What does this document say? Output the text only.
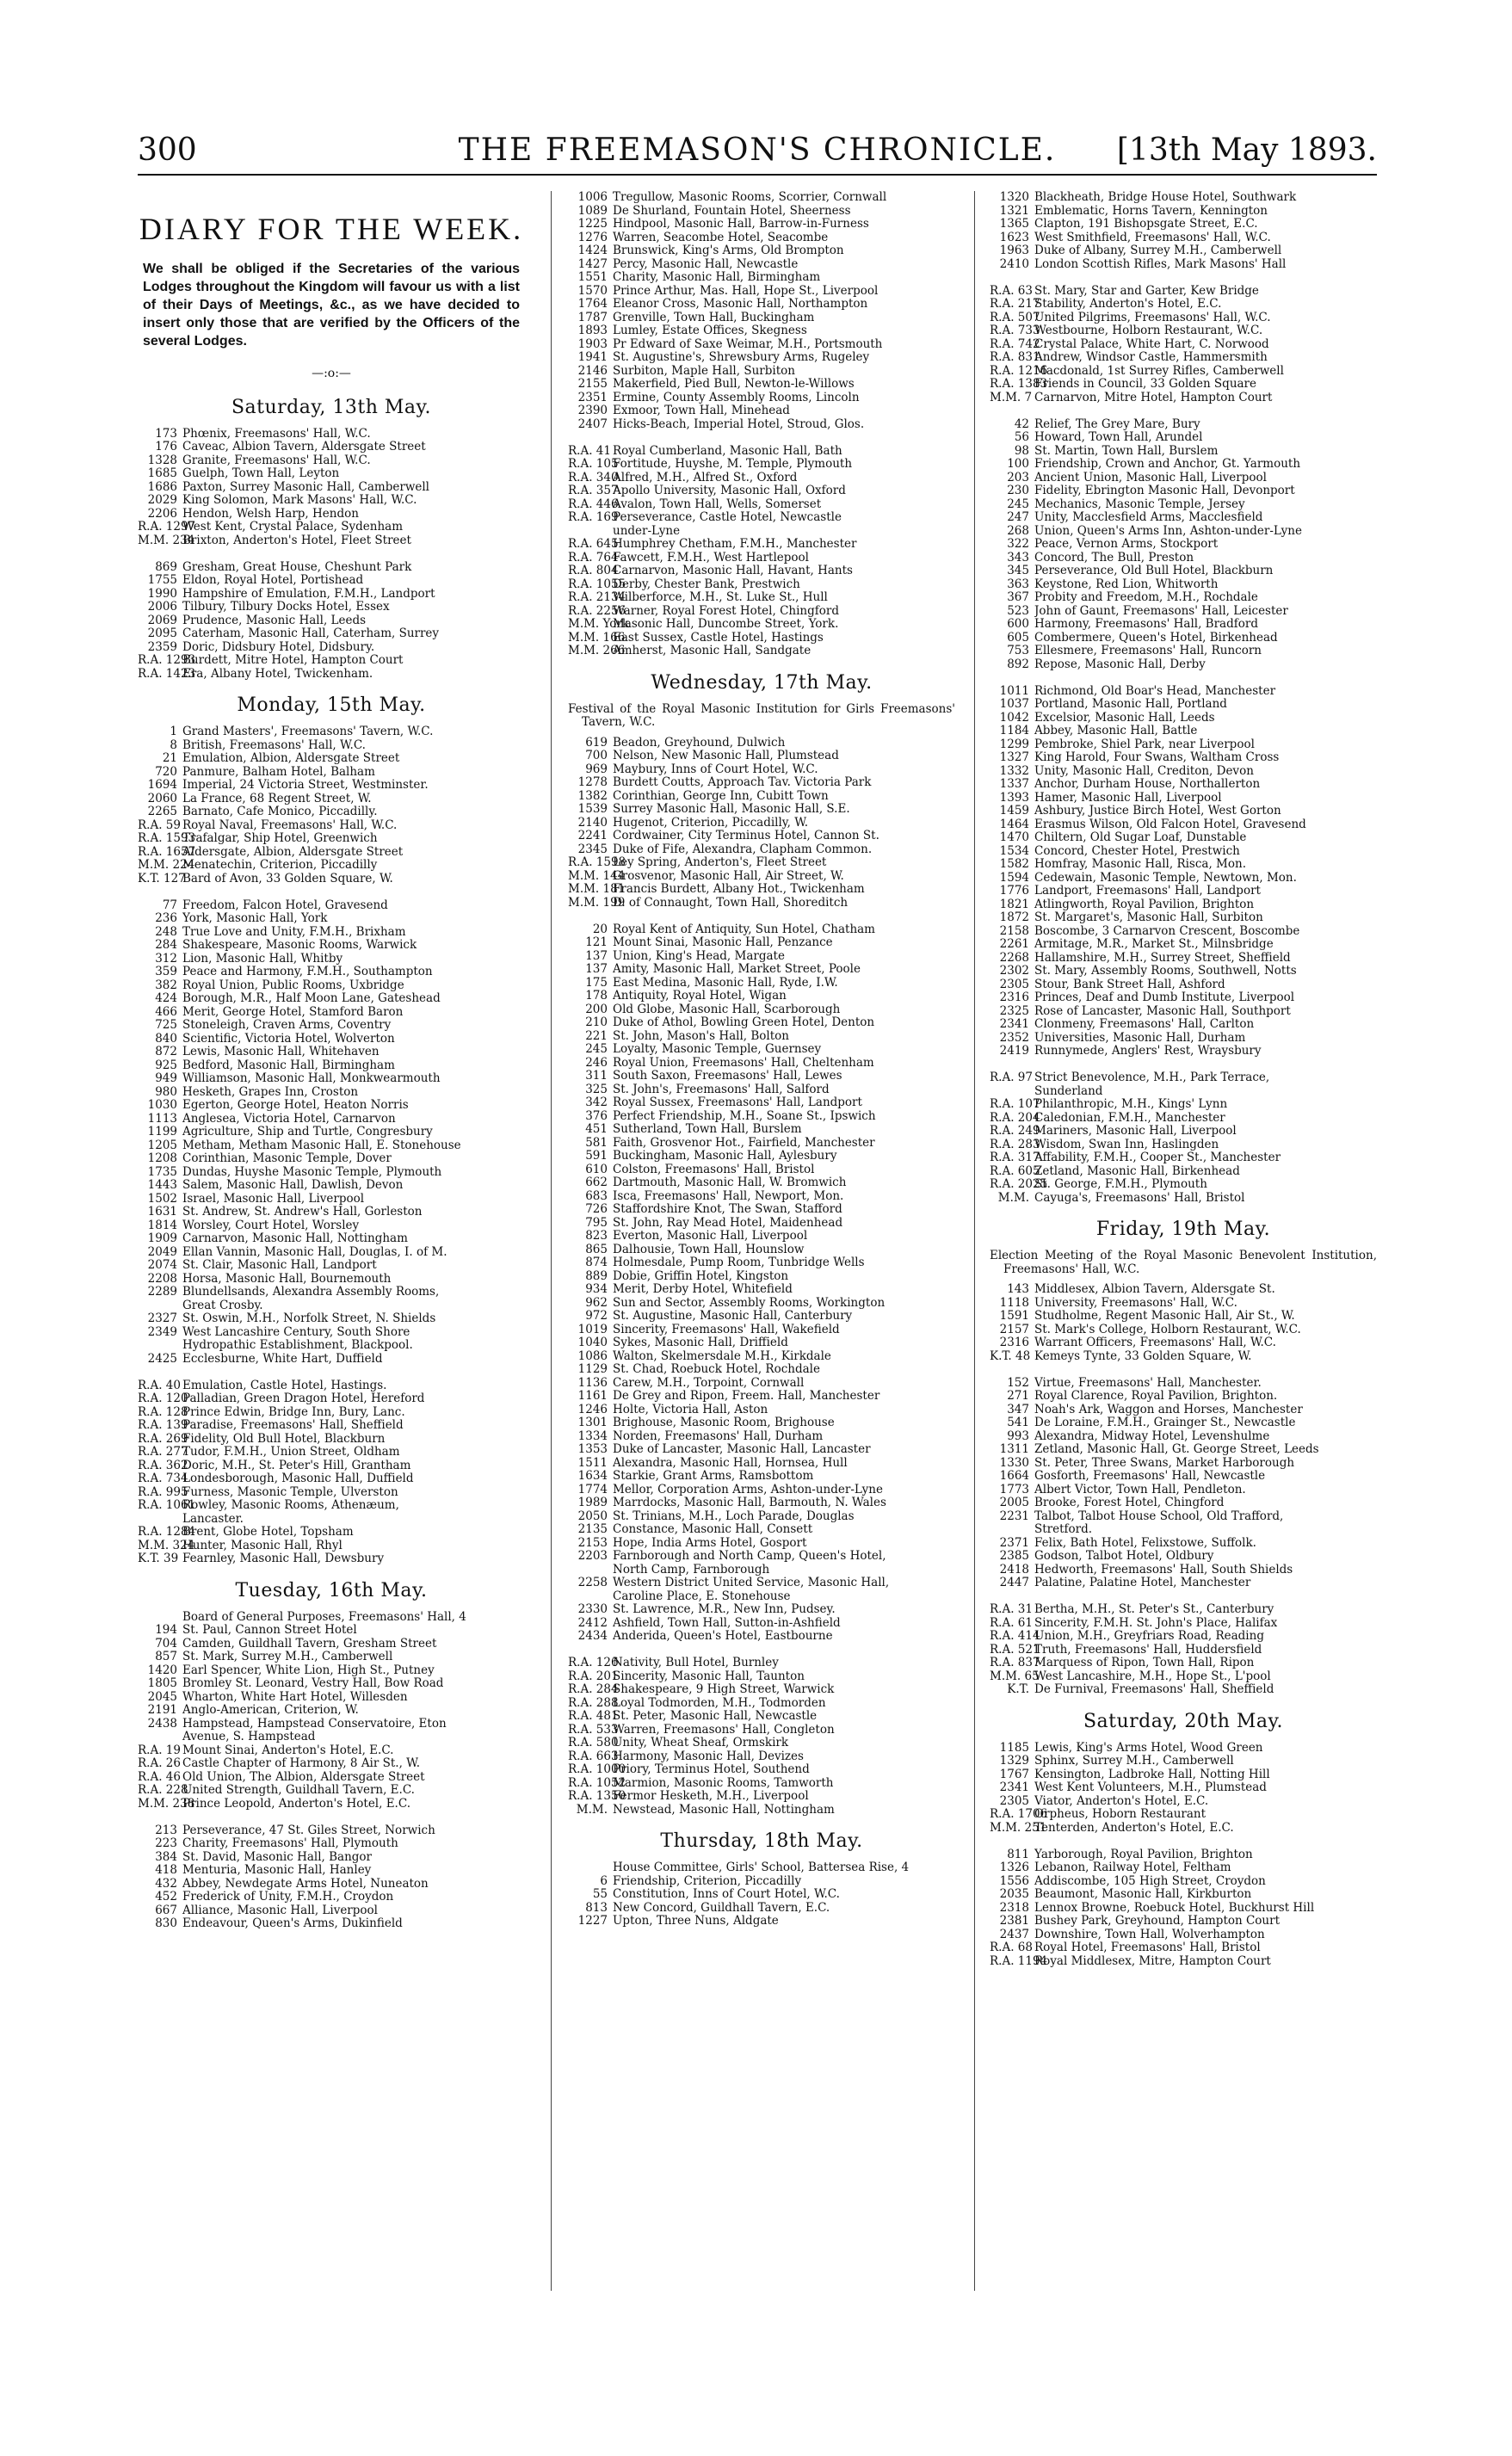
300	THE FREEMASON'S CHRONICLE.	[13th May 1893.
DIARY FOR THE WEEK.
We shall be obliged if the Secretaries of the various Lodges throughout the Kingdom will favour us with a list of their Days of Meetings, &c., as we have decided to insert only those that are verified by the Officers of the several Lodges.
—:o:—
Saturday, 13th May.
173 Phœnix, Freemasons' Hall, W.C.
176 Caveac, Albion Tavern, Aldersgate Street
1328 Granite, Freemasons' Hall, W.C.
1685 Guelph, Town Hall, Leyton
1686 Paxton, Surrey Masonic Hall, Camberwell
2029 King Solomon, Mark Masons' Hall, W.C.
2206 Hendon, Welsh Harp, Hendon
R.A. 1297
West Kent, Crystal Palace, Sydenham
M.M. 234
Brixton, Anderton's Hotel, Fleet Street
869 Gresham, Great House, Cheshunt Park
1755 Eldon, Royal Hotel, Portishead
1990 Hampshire of Emulation, F.M.H., Landport
2006 Tilbury, Tilbury Docks Hotel, Essex
2069 Prudence, Masonic Hall, Leeds
2095 Caterham, Masonic Hall, Caterham, Surrey
2359 Doric, Didsbury Hotel, Didsbury.
R.A. 1293
Burdett, Mitre Hotel, Hampton Court
R.A. 1423
Era, Albany Hotel, Twickenham.
Monday, 15th May.
1 Grand Masters', Freemasons' Tavern, W.C.
8 British, Freemasons' Hall, W.C.
21 Emulation, Albion, Aldersgate Street
720 Panmure, Balham Hotel, Balham
1694 Imperial, 24 Victoria Street, Westminster.
2060 La France, 68 Regent Street, W.
2265 Barnato, Cafe Monico, Piccadilly.
R.A. 59 Royal Naval, Freemasons' Hall, W.C.
R.A. 1593
Trafalgar, Ship Hotel, Greenwich
R.A. 1657
Aldersgate, Albion, Aldersgate Street
M.M. 224
Menatechin, Criterion, Piccadilly
K.T. 127
Bard of Avon, 33 Golden Square, W.
77 Freedom, Falcon Hotel, Gravesend
236 York, Masonic Hall, York
248 True Love and Unity, F.M.H., Brixham
284 Shakespeare, Masonic Rooms, Warwick
312 Lion, Masonic Hall, Whitby
359 Peace and Harmony, F.M.H., Southampton
382 Royal Union, Public Rooms, Uxbridge
424 Borough, M.R., Half Moon Lane, Gateshead
466 Merit, George Hotel, Stamford Baron
725 Stoneleigh, Craven Arms, Coventry
840 Scientific, Victoria Hotel, Wolverton
872 Lewis, Masonic Hall, Whitehaven
925 Bedford, Masonic Hall, Birmingham
949 Williamson, Masonic Hall, Monkwearmouth
980 Hesketh, Grapes Inn, Croston
1030 Egerton, George Hotel, Heaton Norris
1113 Anglesea, Victoria Hotel, Carnarvon
1199 Agriculture, Ship and Turtle, Congresbury
1205 Metham, Metham Masonic Hall, E. Stonehouse
1208 Corinthian, Masonic Temple, Dover
1735 Dundas, Huyshe Masonic Temple, Plymouth
1443 Salem, Masonic Hall, Dawlish, Devon
1502 Israel, Masonic Hall, Liverpool
1631 St. Andrew, St. Andrew's Hall, Gorleston
1814 Worsley, Court Hotel, Worsley
1909 Carnarvon, Masonic Hall, Nottingham
2049 Ellan Vannin, Masonic Hall, Douglas, I. of M.
2074 St. Clair, Masonic Hall, Landport
2208 Horsa, Masonic Hall, Bournemouth
2289 Blundellsands, Alexandra Assembly Rooms,
Great Crosby.
2327 St. Oswin, M.H., Norfolk Street, N. Shields
2349 West Lancashire Century, South Shore
Hydropathic Establishment, Blackpool.
2425 Ecclesburne, White Hart, Duffield
R.A. 40 Emulation, Castle Hotel, Hastings.
R.A. 120
Palladian, Green Dragon Hotel, Hereford
R.A. 128
Prince Edwin, Bridge Inn, Bury, Lanc.
R.A. 139
Paradise, Freemasons' Hall, Sheffield
R.A. 269
Fidelity, Old Bull Hotel, Blackburn
R.A. 277
Tudor, F.M.H., Union Street, Oldham
R.A. 362
Doric, M.H., St. Peter's Hill, Grantham
R.A. 734
Londesborough, Masonic Hall, Duffield
R.A. 995
Furness, Masonic Temple, Ulverston
R.A. 1061
Rowley, Masonic Rooms, Athenæum,
Lancaster.
R.A. 1284
Brent, Globe Hotel, Topsham
M.M. 324
Hunter, Masonic Hall, Rhyl
K.T. 39 Fearnley, Masonic Hall, Dewsbury
Tuesday, 16th May.
Board of General Purposes, Freemasons' Hall, 4
194 St. Paul, Cannon Street Hotel
704 Camden, Guildhall Tavern, Gresham Street
857 St. Mark, Surrey M.H., Camberwell
1420 Earl Spencer, White Lion, High St., Putney
1805 Bromley St. Leonard, Vestry Hall, Bow Road
2045 Wharton, White Hart Hotel, Willesden
2191 Anglo-American, Criterion, W.
2438 Hampstead, Hampstead Conservatoire, Eton
Avenue, S. Hampstead
R.A. 19 Mount Sinai, Anderton's Hotel, E.C.
R.A. 26 Castle Chapter of Harmony, 8 Air St., W.
R.A. 46 Old Union, The Albion, Aldersgate Street
R.A. 228
United Strength, Guildhall Tavern, E.C.
M.M. 238
Prince Leopold, Anderton's Hotel, E.C.
213 Perseverance, 47 St. Giles Street, Norwich
223 Charity, Freemasons' Hall, Plymouth
384 St. David, Masonic Hall, Bangor
418 Menturia, Masonic Hall, Hanley
432 Abbey, Newdegate Arms Hotel, Nuneaton
452 Frederick of Unity, F.M.H., Croydon
667 Alliance, Masonic Hall, Liverpool
830 Endeavour, Queen's Arms, Dukinfield
1006 Tregullow, Masonic Rooms, Scorrier, Cornwall
1089 De Shurland, Fountain Hotel, Sheerness
1225 Hindpool, Masonic Hall, Barrow-in-Furness
1276 Warren, Seacombe Hotel, Seacombe
1424 Brunswick, King's Arms, Old Brompton
1427 Percy, Masonic Hall, Newcastle
1551 Charity, Masonic Hall, Birmingham
1570 Prince Arthur, Mas. Hall, Hope St., Liverpool
1764 Eleanor Cross, Masonic Hall, Northampton
1787 Grenville, Town Hall, Buckingham
1893 Lumley, Estate Offices, Skegness
1903 Pr Edward of Saxe Weimar, M.H., Portsmouth
1941 St. Augustine's, Shrewsbury Arms, Rugeley
2146 Surbiton, Maple Hall, Surbiton
2155 Makerfield, Pied Bull, Newton-le-Willows
2351 Ermine, County Assembly Rooms, Lincoln
2390 Exmoor, Town Hall, Minehead
2407 Hicks-Beach, Imperial Hotel, Stroud, Glos.
R.A. 41 Royal Cumberland, Masonic Hall, Bath
R.A. 105
Fortitude, Huyshe, M. Temple, Plymouth
R.A. 340
Alfred, M.H., Alfred St., Oxford
R.A. 357
Apollo University, Masonic Hall, Oxford
R.A. 446
Avalon, Town Hall, Wells, Somerset
R.A. 169
Perseverance, Castle Hotel, Newcastle
under-Lyne
R.A. 645
Humphrey Chetham, F.M.H., Manchester
R.A. 764
Fawcett, F.M.H., West Hartlepool
R.A. 804
Carnarvon, Masonic Hall, Havant, Hants
R.A. 1055
Derby, Chester Bank, Prestwich
R.A. 2134
Wilberforce, M.H., St. Luke St., Hull
R.A. 2256
Warner, Royal Forest Hotel, Chingford
M.M. York
Masonic Hall, Duncombe Street, York.
M.M. 166
East Sussex, Castle Hotel, Hastings
M.M. 266
Amherst, Masonic Hall, Sandgate
Wednesday, 17th May.
Festival of the Royal Masonic Institution for Girls Freemasons' Tavern, W.C.
619 Beadon, Greyhound, Dulwich
700 Nelson, New Masonic Hall, Plumstead
969 Maybury, Inns of Court Hotel, W.C.
1278 Burdett Coutts, Approach Tav. Victoria Park
1382 Corinthian, George Inn, Cubitt Town
1539 Surrey Masonic Hall, Masonic Hall, S.E.
2140 Hugenot, Criterion, Piccadilly, W.
2241 Cordwainer, City Terminus Hotel, Cannon St.
2345 Duke of Fife, Alexandra, Clapham Common.
R.A. 1598
Ley Spring, Anderton's, Fleet Street
M.M. 144
Grosvenor, Masonic Hall, Air Street, W.
M.M. 181
Francis Burdett, Albany Hot., Twickenham
M.M. 199
D. of Connaught, Town Hall, Shoreditch
20 Royal Kent of Antiquity, Sun Hotel, Chatham
121 Mount Sinai, Masonic Hall, Penzance
137 Union, King's Head, Margate
137 Amity, Masonic Hall, Market Street, Poole
175 East Medina, Masonic Hall, Ryde, I.W.
178 Antiquity, Royal Hotel, Wigan
200 Old Globe, Masonic Hall, Scarborough
210 Duke of Athol, Bowling Green Hotel, Denton
221 St. John, Mason's Hall, Bolton
245 Loyalty, Masonic Temple, Guernsey
246 Royal Union, Freemasons' Hall, Cheltenham
311 South Saxon, Freemasons' Hall, Lewes
325 St. John's, Freemasons' Hall, Salford
342 Royal Sussex, Freemasons' Hall, Landport
376 Perfect Friendship, M.H., Soane St., Ipswich
451 Sutherland, Town Hall, Burslem
581 Faith, Grosvenor Hot., Fairfield, Manchester
591 Buckingham, Masonic Hall, Aylesbury
610 Colston, Freemasons' Hall, Bristol
662 Dartmouth, Masonic Hall, W. Bromwich
683 Isca, Freemasons' Hall, Newport, Mon.
726 Staffordshire Knot, The Swan, Stafford
795 St. John, Ray Mead Hotel, Maidenhead
823 Everton, Masonic Hall, Liverpool
865 Dalhousie, Town Hall, Hounslow
874 Holmesdale, Pump Room, Tunbridge Wells
889 Dobie, Griffin Hotel, Kingston
934 Merit, Derby Hotel, Whitefield
962 Sun and Sector, Assembly Rooms, Workington
972 St. Augustine, Masonic Hall, Canterbury
1019 Sincerity, Freemasons' Hall, Wakefield
1040 Sykes, Masonic Hall, Driffield
1086 Walton, Skelmersdale M.H., Kirkdale
1129 St. Chad, Roebuck Hotel, Rochdale
1136 Carew, M.H., Torpoint, Cornwall
1161 De Grey and Ripon, Freem. Hall, Manchester
1246 Holte, Victoria Hall, Aston
1301 Brighouse, Masonic Room, Brighouse
1334 Norden, Freemasons' Hall, Durham
1353 Duke of Lancaster, Masonic Hall, Lancaster
1511 Alexandra, Masonic Hall, Hornsea, Hull
1634 Starkie, Grant Arms, Ramsbottom
1774 Mellor, Corporation Arms, Ashton-under-Lyne
1989 Marrdocks, Masonic Hall, Barmouth, N. Wales
2050 St. Trinians, M.H., Loch Parade, Douglas
2135 Constance, Masonic Hall, Consett
2153 Hope, India Arms Hotel, Gosport
2203 Farnborough and North Camp, Queen's Hotel,
North Camp, Farnborough
2258 Western District United Service, Masonic Hall,
Caroline Place, E. Stonehouse
2330 St. Lawrence, M.R., New Inn, Pudsey.
2412 Ashfield, Town Hall, Sutton-in-Ashfield
2434 Anderida, Queen's Hotel, Eastbourne
R.A. 126
Nativity, Bull Hotel, Burnley
R.A. 201
Sincerity, Masonic Hall, Taunton
R.A. 284
Shakespeare, 9 High Street, Warwick
R.A. 288
Loyal Todmorden, M.H., Todmorden
R.A. 481
St. Peter, Masonic Hall, Newcastle
R.A. 533
Warren, Freemasons' Hall, Congleton
R.A. 580
Unity, Wheat Sheaf, Ormskirk
R.A. 663
Harmony, Masonic Hall, Devizes
R.A. 1000
Priory, Terminus Hotel, Southend
R.A. 1052
Marmion, Masonic Rooms, Tamworth
R.A. 1350
Fermor Hesketh, M.H., Liverpool
M.M. Newstead, Masonic Hall, Nottingham
Thursday, 18th May.
House Committee, Girls' School, Battersea Rise, 4
6 Friendship, Criterion, Piccadilly
55 Constitution, Inns of Court Hotel, W.C.
813 New Concord, Guildhall Tavern, E.C.
1227 Upton, Three Nuns, Aldgate
1320 Blackheath, Bridge House Hotel, Southwark
1321 Emblematic, Horns Tavern, Kennington
1365 Clapton, 191 Bishopsgate Street, E.C.
1623 West Smithfield, Freemasons' Hall, W.C.
1963 Duke of Albany, Surrey M.H., Camberwell
2410 London Scottish Rifles, Mark Masons' Hall
R.A. 63 St. Mary, Star and Garter, Kew Bridge
R.A. 217
Stability, Anderton's Hotel, E.C.
R.A. 507
United Pilgrims, Freemasons' Hall, W.C.
R.A. 733
Westbourne, Holborn Restaurant, W.C.
R.A. 742
Crystal Palace, White Hart, C. Norwood
R.A. 831
Andrew, Windsor Castle, Hammersmith
R.A. 1216
Macdonald, 1st Surrey Rifles, Camberwell
R.A. 1383
Friends in Council, 33 Golden Square
M.M. 7 Carnarvon, Mitre Hotel, Hampton Court
42 Relief, The Grey Mare, Bury
56 Howard, Town Hall, Arundel
98 St. Martin, Town Hall, Burslem
100 Friendship, Crown and Anchor, Gt. Yarmouth
203 Ancient Union, Masonic Hall, Liverpool
230 Fidelity, Ebrington Masonic Hall, Devonport
245 Mechanics, Masonic Temple, Jersey
247 Unity, Macclesfield Arms, Macclesfield
268 Union, Queen's Arms Inn, Ashton-under-Lyne
322 Peace, Vernon Arms, Stockport
343 Concord, The Bull, Preston
345 Perseverance, Old Bull Hotel, Blackburn
363 Keystone, Red Lion, Whitworth
367 Probity and Freedom, M.H., Rochdale
523 John of Gaunt, Freemasons' Hall, Leicester
600 Harmony, Freemasons' Hall, Bradford
605 Combermere, Queen's Hotel, Birkenhead
753 Ellesmere, Freemasons' Hall, Runcorn
892 Repose, Masonic Hall, Derby
1011 Richmond, Old Boar's Head, Manchester
1037 Portland, Masonic Hall, Portland
1042 Excelsior, Masonic Hall, Leeds
1184 Abbey, Masonic Hall, Battle
1299 Pembroke, Shiel Park, near Liverpool
1327 King Harold, Four Swans, Waltham Cross
1332 Unity, Masonic Hall, Crediton, Devon
1337 Anchor, Durham House, Northallerton
1393 Hamer, Masonic Hall, Liverpool
1459 Ashbury, Justice Birch Hotel, West Gorton
1464 Erasmus Wilson, Old Falcon Hotel, Gravesend
1470 Chiltern, Old Sugar Loaf, Dunstable
1534 Concord, Chester Hotel, Prestwich
1582 Homfray, Masonic Hall, Risca, Mon.
1594 Cedewain, Masonic Temple, Newtown, Mon.
1776 Landport, Freemasons' Hall, Landport
1821 Atlingworth, Royal Pavilion, Brighton
1872 St. Margaret's, Masonic Hall, Surbiton
2158 Boscombe, 3 Carnarvon Crescent, Boscombe
2261 Armitage, M.R., Market St., Milnsbridge
2268 Hallamshire, M.H., Surrey Street, Sheffield
2302 St. Mary, Assembly Rooms, Southwell, Notts
2305 Stour, Bank Street Hall, Ashford
2316 Princes, Deaf and Dumb Institute, Liverpool
2325 Rose of Lancaster, Masonic Hall, Southport
2341 Clonmeny, Freemasons' Hall, Carlton
2352 Universities, Masonic Hall, Durham
2419 Runnymede, Anglers' Rest, Wraysbury
R.A. 97 Strict Benevolence, M.H., Park Terrace,
Sunderland
R.A. 107
Philanthropic, M.H., Kings' Lynn
R.A. 204
Caledonian, F.M.H., Manchester
R.A. 249
Mariners, Masonic Hall, Liverpool
R.A. 283
Wisdom, Swan Inn, Haslingden
R.A. 317
Affability, F.M.H., Cooper St., Manchester
R.A. 605
Zetland, Masonic Hall, Birkenhead
R.A. 2025
St. George, F.M.H., Plymouth
M.M. Cayuga's, Freemasons' Hall, Bristol
Friday, 19th May.
Election Meeting of the Royal Masonic Benevolent Institution, Freemasons' Hall, W.C.
143 Middlesex, Albion Tavern, Aldersgate St.
1118 University, Freemasons' Hall, W.C.
1591 Studholme, Regent Masonic Hall, Air St., W.
2157 St. Mark's College, Holborn Restaurant, W.C.
2316 Warrant Officers, Freemasons' Hall, W.C.
K.T. 48 Kemeys Tynte, 33 Golden Square, W.
152 Virtue, Freemasons' Hall, Manchester.
271 Royal Clarence, Royal Pavilion, Brighton.
347 Noah's Ark, Waggon and Horses, Manchester
541 De Loraine, F.M.H., Grainger St., Newcastle
993 Alexandra, Midway Hotel, Levenshulme
1311 Zetland, Masonic Hall, Gt. George Street, Leeds
1330 St. Peter, Three Swans, Market Harborough
1664 Gosforth, Freemasons' Hall, Newcastle
1773 Albert Victor, Town Hall, Pendleton.
2005 Brooke, Forest Hotel, Chingford
2231 Talbot, Talbot House School, Old Trafford,
Stretford.
2371 Felix, Bath Hotel, Felixstowe, Suffolk.
2385 Godson, Talbot Hotel, Oldbury
2418 Hedworth, Freemasons' Hall, South Shields
2447 Palatine, Palatine Hotel, Manchester
R.A. 31 Bertha, M.H., St. Peter's St., Canterbury
R.A. 61 Sincerity, F.M.H. St. John's Place, Halifax
R.A. 414
Union, M.H., Greyfriars Road, Reading
R.A. 521
Truth, Freemasons' Hall, Huddersfield
R.A. 837
Marquess of Ripon, Town Hall, Ripon
M.M. 65
West Lancashire, M.H., Hope St., L'pool
K.T. De Furnival, Freemasons' Hall, Sheffield
Saturday, 20th May.
1185 Lewis, King's Arms Hotel, Wood Green
1329 Sphinx, Surrey M.H., Camberwell
1767 Kensington, Ladbroke Hall, Notting Hill
2341 West Kent Volunteers, M.H., Plumstead
2305 Viator, Anderton's Hotel, E.C.
R.A. 1706
Orpheus, Hoborn Restaurant
M.M. 251
Tenterden, Anderton's Hotel, E.C.
811 Yarborough, Royal Pavilion, Brighton
1326 Lebanon, Railway Hotel, Feltham
1556 Addiscombe, 105 High Street, Croydon
2035 Beaumont, Masonic Hall, Kirkburton
2318 Lennox Browne, Roebuck Hotel, Buckhurst Hill
2381 Bushey Park, Greyhound, Hampton Court
2437 Downshire, Town Hall, Wolverhampton
R.A. 68 Royal Hotel, Freemasons' Hall, Bristol
R.A. 1194
Royal Middlesex, Mitre, Hampton Court
